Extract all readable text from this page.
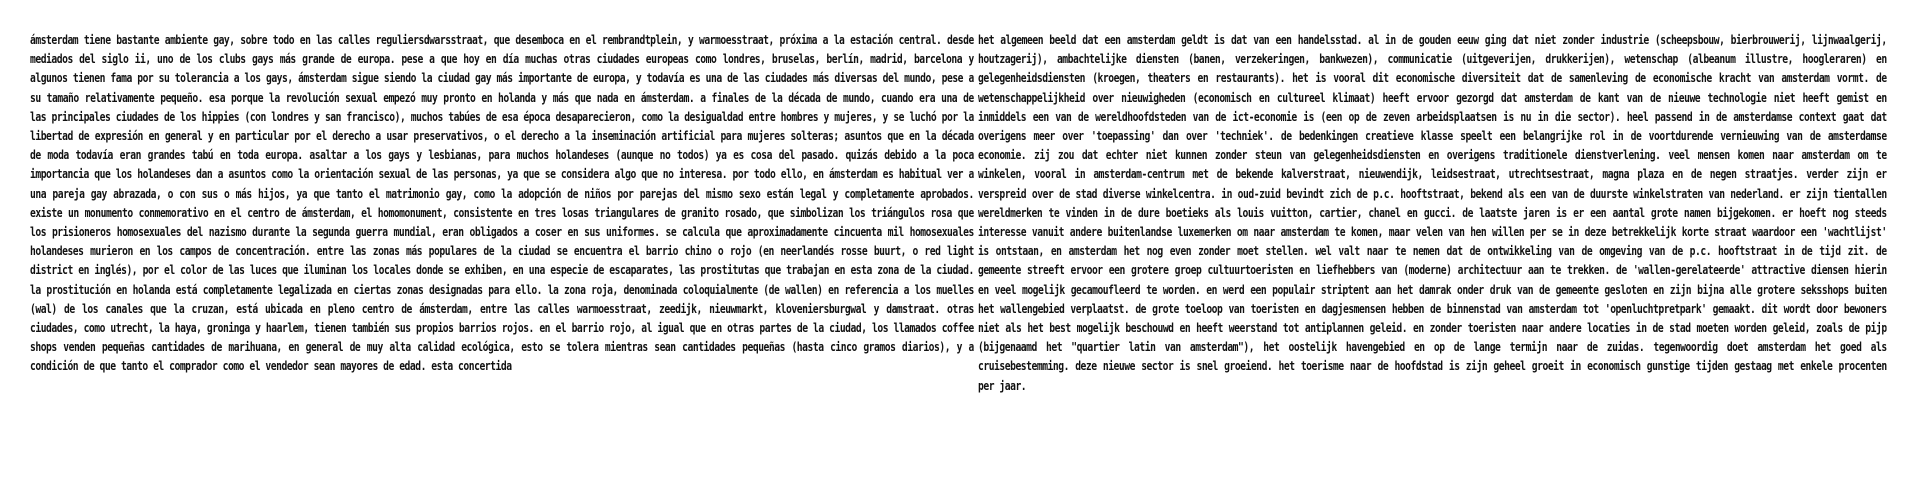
ámsterdam tiene bastante ambiente gay, sobre todo en las calles reguliersdwarsstraat, que desemboca en el rembrandtplein, y warmoesstraat, próxima a la estación central. desde mediados del siglo ii, uno de los clubs gays más grande de europa. pese a que hoy en día muchas otras ciudades europeas como londres, bruselas, berlín, madrid, barcelona y algunos tienen fama por su tolerancia a los gays, ámsterdam sigue siendo la ciudad gay más importante de europa, y todavía es una de las ciudades más diversas del mundo, pese a su tamaño relativamente pequeño. esa porque la revolución sexual empezó muy pronto en holanda y más que nada en ámsterdam. a finales de la década de mundo, cuando era una de las principales ciudades de los hippies (con londres y san francisco), muchos tabúes de esa época desaparecieron, como la desigualdad entre hombres y mujeres, y se luchó por la libertad de expresión en general y en particular por el derecho a usar preservativos, o el derecho a la inseminación artificial para mujeres solteras; asuntos que en la década de moda todavía eran grandes tabú en toda europa. asaltar a los gays y lesbianas, para muchos holandeses (aunque no todos) ya es cosa del pasado. quizás debido a la poca importancia que los holandeses dan a asuntos como la orientación sexual de las personas, ya que se considera algo que no interesa. por todo ello, en ámsterdam es habitual ver a una pareja gay abrazada, o con sus o más hijos, ya que tanto el matrimonio gay, como la adopción de niños por parejas del mismo sexo están legal y completamente aprobados. existe un monumento conmemorativo en el centro de ámsterdam, el homomonument, consistente en tres losas triangulares de granito rosado, que simbolizan los triángulos rosa que los prisioneros homosexuales del nazismo durante la segunda guerra mundial, eran obligados a coser en sus uniformes. se calcula que aproximadamente cincuenta mil homosexuales holandeses murieron en los campos de concentración. entre las zonas más populares de la ciudad se encuentra el barrio chino o rojo (en neerlandés rosse buurt, o red light district en inglés), por el color de las luces que iluminan los locales donde se exhiben, en una especie de escaparates, las prostitutas que trabajan en esta zona de la ciudad. la prostitución en holanda está completamente legalizada en ciertas zonas designadas para ello. la zona roja, denominada coloquialmente (de wallen) en referencia a los muelles (wal) de los canales que la cruzan, está ubicada en pleno centro de ámsterdam, entre las calles warmoesstraat, zeedijk, nieuwmarkt, kloveniersburgwal y damstraat. otras ciudades, como utrecht, la haya, groninga y haarlem, tienen también sus propios barrios rojos. en el barrio rojo, al igual que en otras partes de la ciudad, los llamados coffee shops venden pequeñas cantidades de marihuana, en general de muy alta calidad ecológica, esto se tolera mientras sean cantidades pequeñas (hasta cinco gramos diarios), y a condición de que tanto el comprador como el vendedor sean mayores de edad. esta concertida

het algemeen beeld dat een amsterdam geldt is dat van een handelsstad. al in de gouden eeuw ging dat niet zonder industrie (scheepsbouw, bierbrouwerij, lijnwaalgerij, houtzagerij), ambachtelijke diensten (banen, verzekeringen, bankwezen), communicatie (uitgeverijen, drukkerijen), wetenschap (albeanum illustre, hoogleraren) en gelegenheidsdiensten (kroegen, theaters en restaurants). het is vooral dit economische diversiteit dat de samenleving de economische kracht van amsterdam vormt. de wetenschappelijkheid over nieuwigheden (economisch en cultureel klimaat) heeft ervoor gezorgd dat amsterdam de kant van de nieuwe technologie niet heeft gemist en inmiddels een van de wereldhoofdsteden van de ict-economie is (een op de zeven arbeidsplaatsen is nu in die sector). heel passend in de amsterdamse context gaat dat overigens meer over 'toepassing' dan over 'techniek'. de bedenkingen creatieve klasse speelt een belangrijke rol in de voortdurende vernieuwing van de amsterdamse economie. zij zou dat echter niet kunnen zonder steun van gelegenheidsdiensten en overigens traditionele dienstverlening. veel mensen komen naar amsterdam om te winkelen, vooral in amsterdam-centrum met de bekende kalverstraat, nieuwendijk, leidsestraat, utrechtsestraat, magna plaza en de negen straatjes. verder zijn er verspreid over de stad diverse winkelcentra. in oud-zuid bevindt zich de p.c. hooftstraat, bekend als een van de duurste winkelstraten van nederland. er zijn tientallen wereldmerken te vinden in de dure boetieks als louis vuitton, cartier, chanel en gucci. de laatste jaren is er een aantal grote namen bijgekomen. er hoeft nog steeds interesse vanuit andere buitenlandse luxemerken om naar amsterdam te komen, maar velen van hen willen per se in deze betrekkelijk korte straat waardoor een 'wachtlijst' is ontstaan, en amsterdam het nog even zonder moet stellen. wel valt naar te nemen dat de ontwikkeling van de omgeving van de p.c. hooftstraat in de tijd zit. de gemeente streeft ervoor een grotere groep cultuurtoeristen en liefhebbers van (moderne) architectuur aan te trekken. de 'wallen-gerelateerde' attractive diensen hierin en veel mogelijk gecamoufleerd te worden. en werd een populair striptent aan het damrak onder druk van de gemeente gesloten en zijn bijna alle grotere seksshops buiten het wallengebied verplaatst. de grote toeloop van toeristen en dagjesmensen hebben de binnenstad van amsterdam tot 'openluchtpretpark' gemaakt. dit wordt door bewoners niet als het best mogelijk beschouwd en heeft weerstand tot antiplannen geleid. en zonder toeristen naar andere locaties in de stad moeten worden geleid, zoals de pijp (bijgenaamd het "quartier latin van amsterdam"), het oostelijk havengebied en op de lange termijn naar de zuidas. tegenwoordig doet amsterdam het goed als cruisebestemming. deze nieuwe sector is snel groeiend. het toerisme naar de hoofdstad is zijn geheel groeit in economisch gunstige tijden gestaag met enkele procenten per jaar.
